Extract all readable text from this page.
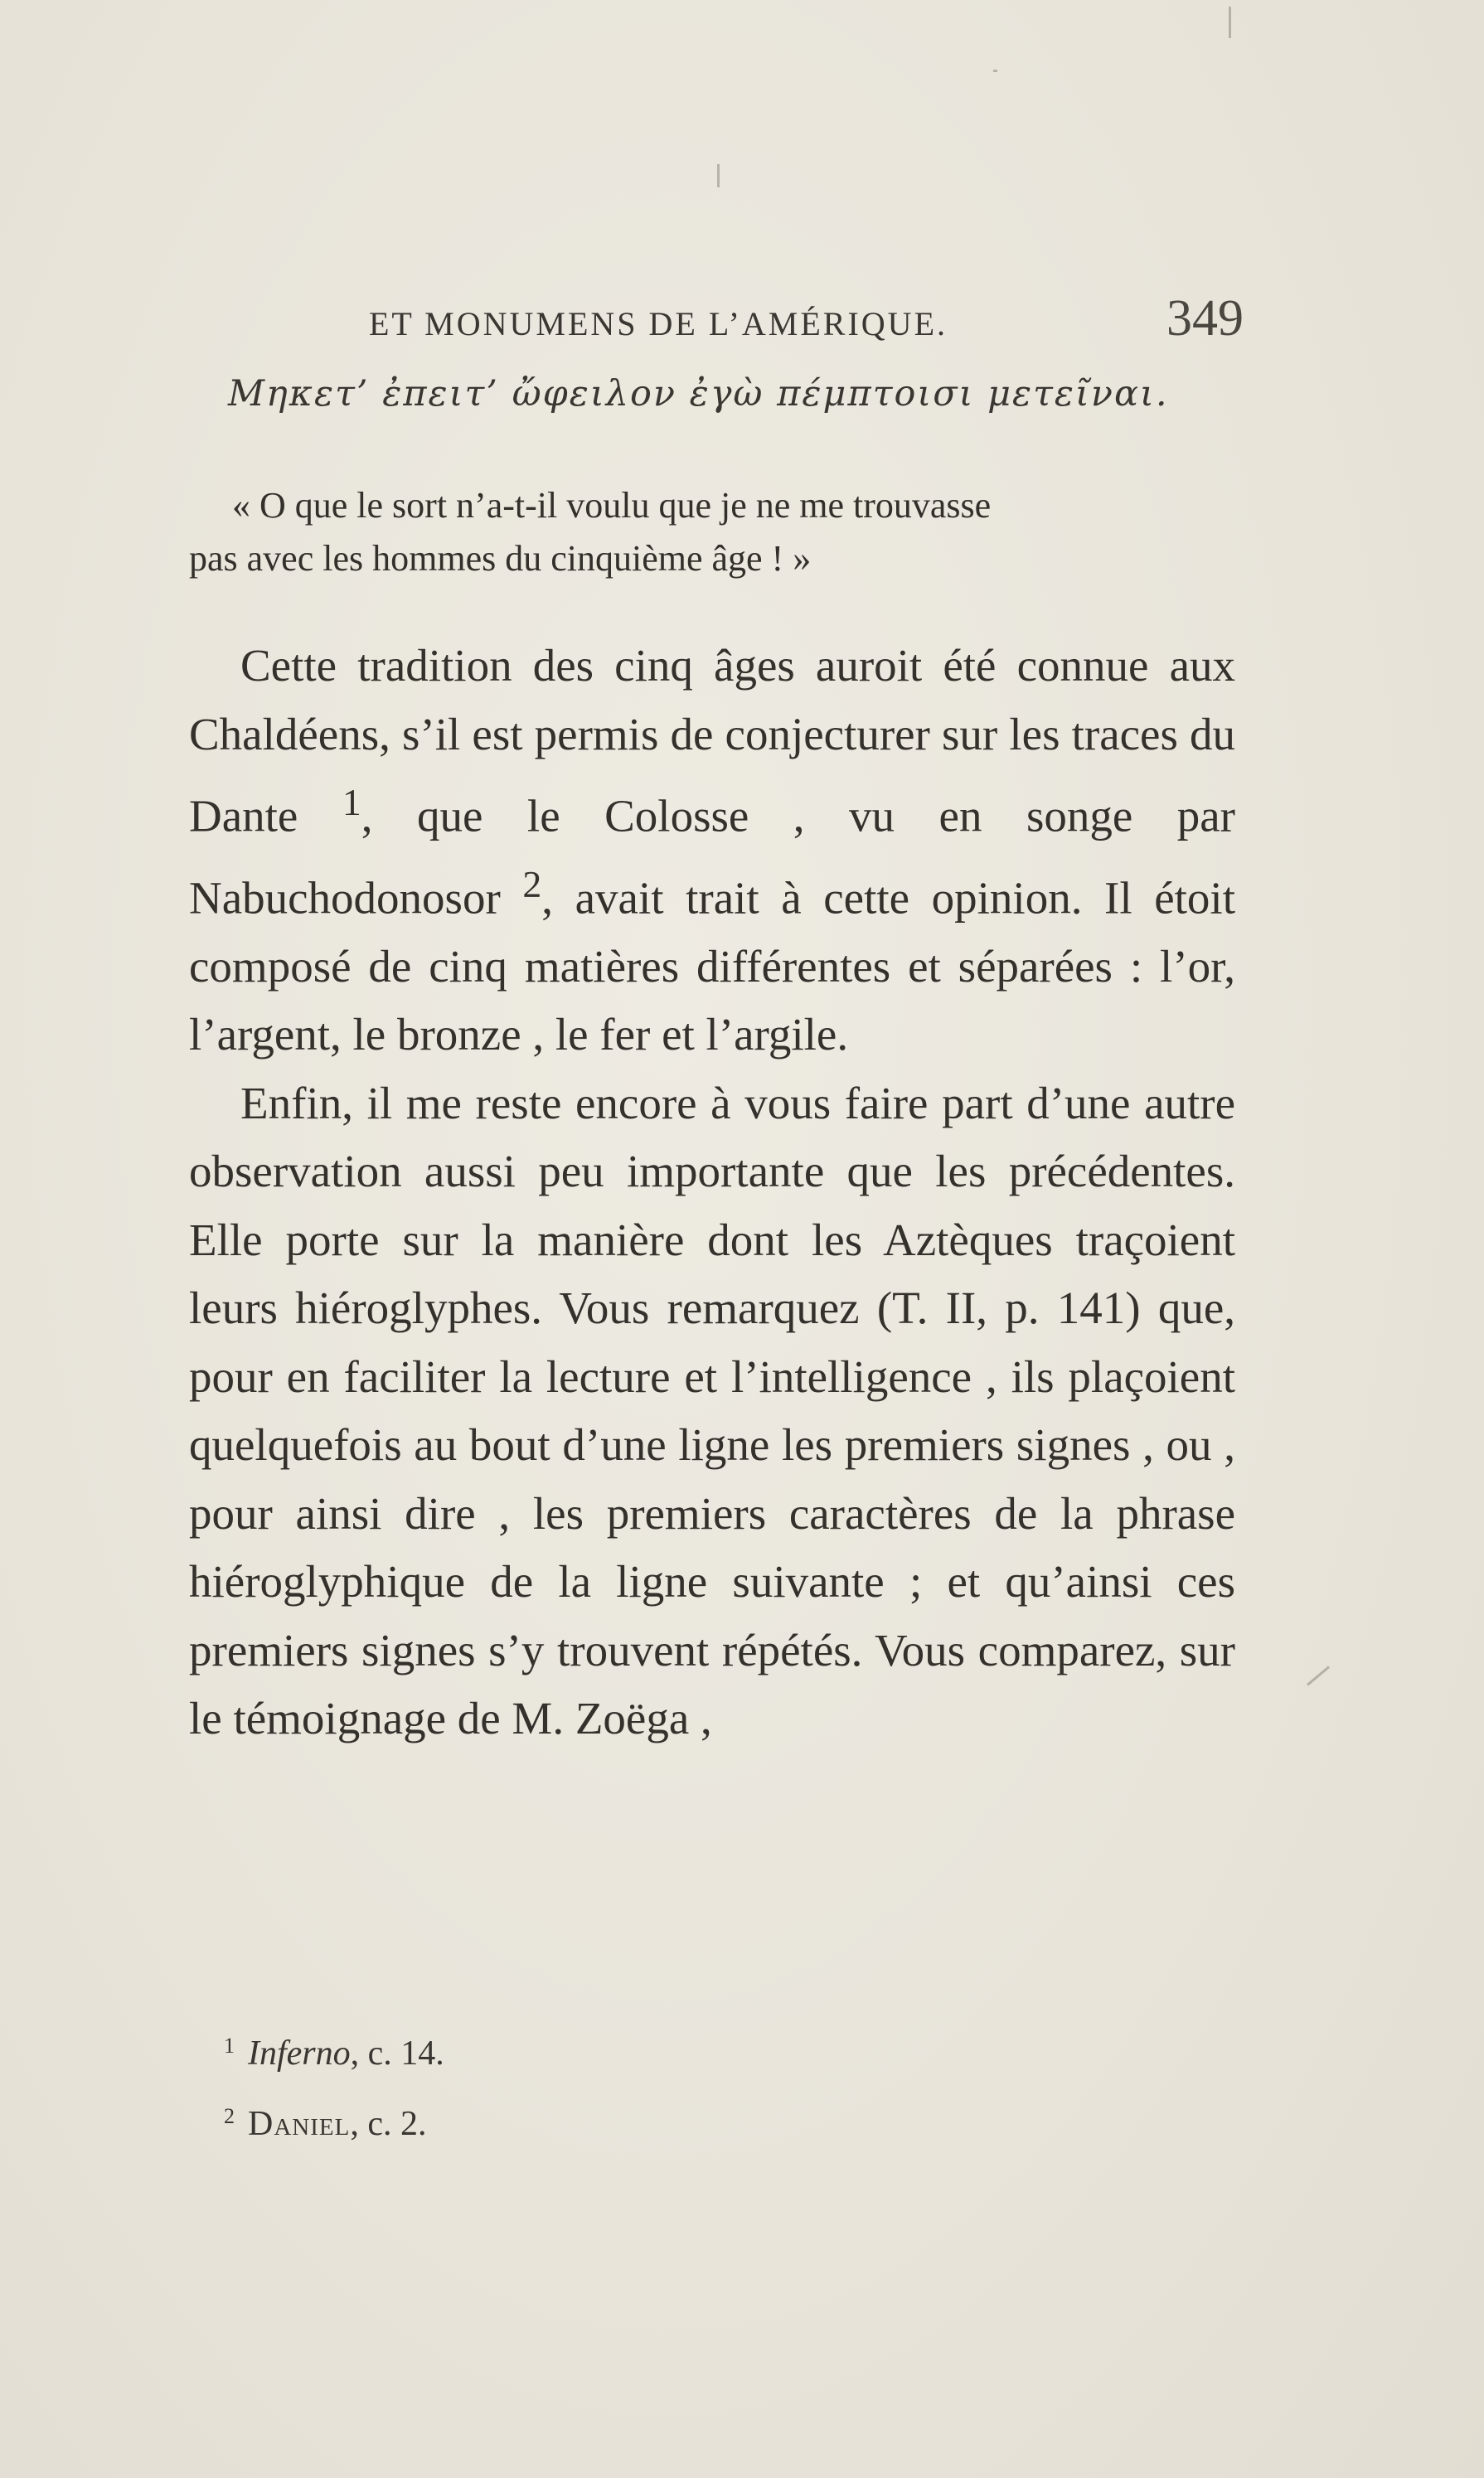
ET MONUMENS DE L’AMÉRIQUE.	349
Μηκετ’ ἐπειτ’ ὤφειλον ἐγὼ πέμπτοισι μετεῖναι.
« O que le sort n’a-t-il voulu que je ne me trouvasse
pas avec les hommes du cinquième âge ! »

Cette tradition des cinq âges auroit été connue aux Chaldéens, s’il est permis de conjecturer sur les traces du Dante $^1$, que le Colosse , vu en songe par Nabuchodonosor $^2$, avait trait à cette opinion. Il étoit composé de cinq matières différentes et séparées : l’or, l’argent, le bronze , le fer et l’argile.

Enfin, il me reste encore à vous faire part d’une autre observation aussi peu importante que les précédentes. Elle porte sur la manière dont les Aztèques traçoient leurs hiéroglyphes. Vous remarquez (T. II, p. 141) que, pour en faciliter la lecture et l’intelligence , ils plaçoient quelquefois au bout d’une ligne les premiers signes , ou , pour ainsi dire , les premiers caractères de la phrase hiéroglyphique de la ligne suivante ; et qu’ainsi ces premiers signes s’y trouvent répétés. Vous comparez, sur le témoignage de M. Zoëga ,

$^1$ Inferno, c. 14.
$^2$ Daniel, c. 2.
